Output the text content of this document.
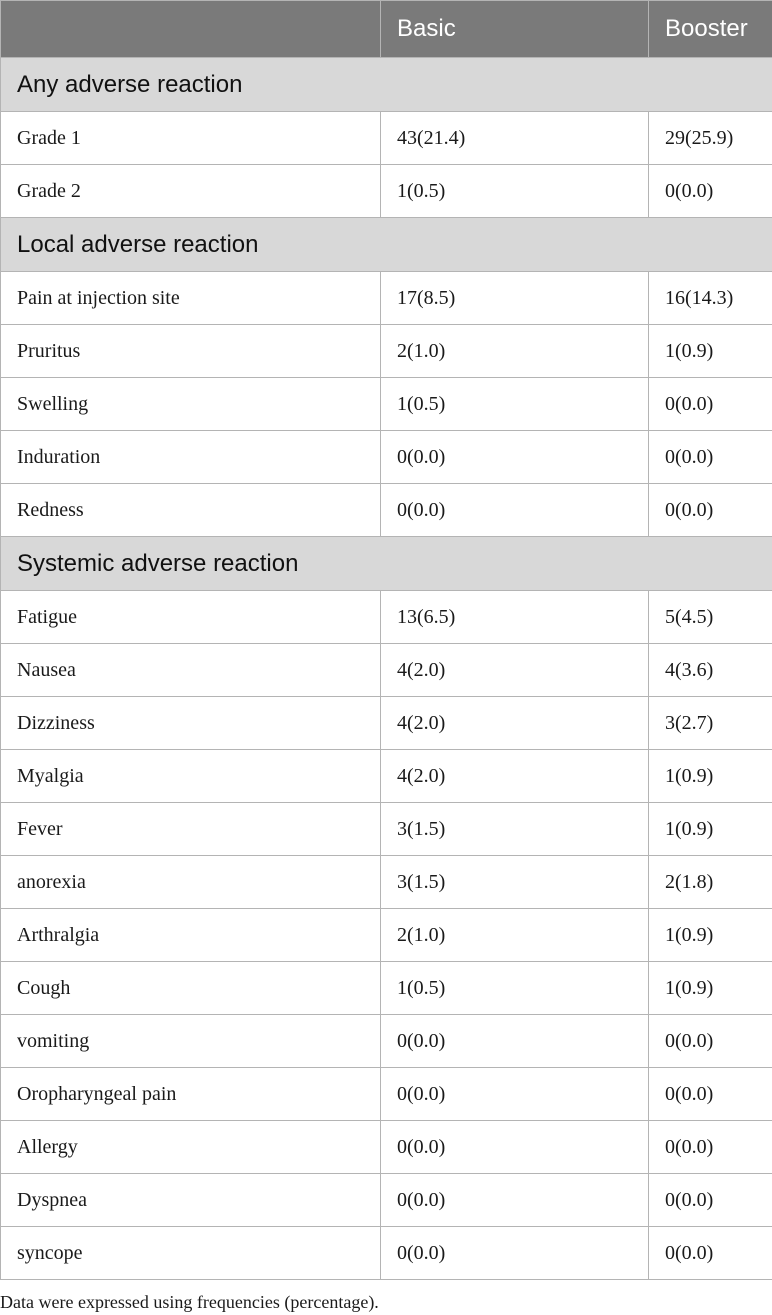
	Basic	Booster
Any adverse reaction		
Grade 1	43(21.4)	29(25.9)
Grade 2	1(0.5)	0(0.0)
Local adverse reaction		
Pain at injection site	17(8.5)	16(14.3)
Pruritus	2(1.0)	1(0.9)
Swelling	1(0.5)	0(0.0)
Induration	0(0.0)	0(0.0)
Redness	0(0.0)	0(0.0)
Systemic adverse reaction		
Fatigue	13(6.5)	5(4.5)
Nausea	4(2.0)	4(3.6)
Dizziness	4(2.0)	3(2.7)
Myalgia	4(2.0)	1(0.9)
Fever	3(1.5)	1(0.9)
anorexia	3(1.5)	2(1.8)
Arthralgia	2(1.0)	1(0.9)
Cough	1(0.5)	1(0.9)
vomiting	0(0.0)	0(0.0)
Oropharyngeal pain	0(0.0)	0(0.0)
Allergy	0(0.0)	0(0.0)
Dyspnea	0(0.0)	0(0.0)
syncope	0(0.0)	0(0.0)

Data were expressed using frequencies (percentage).
